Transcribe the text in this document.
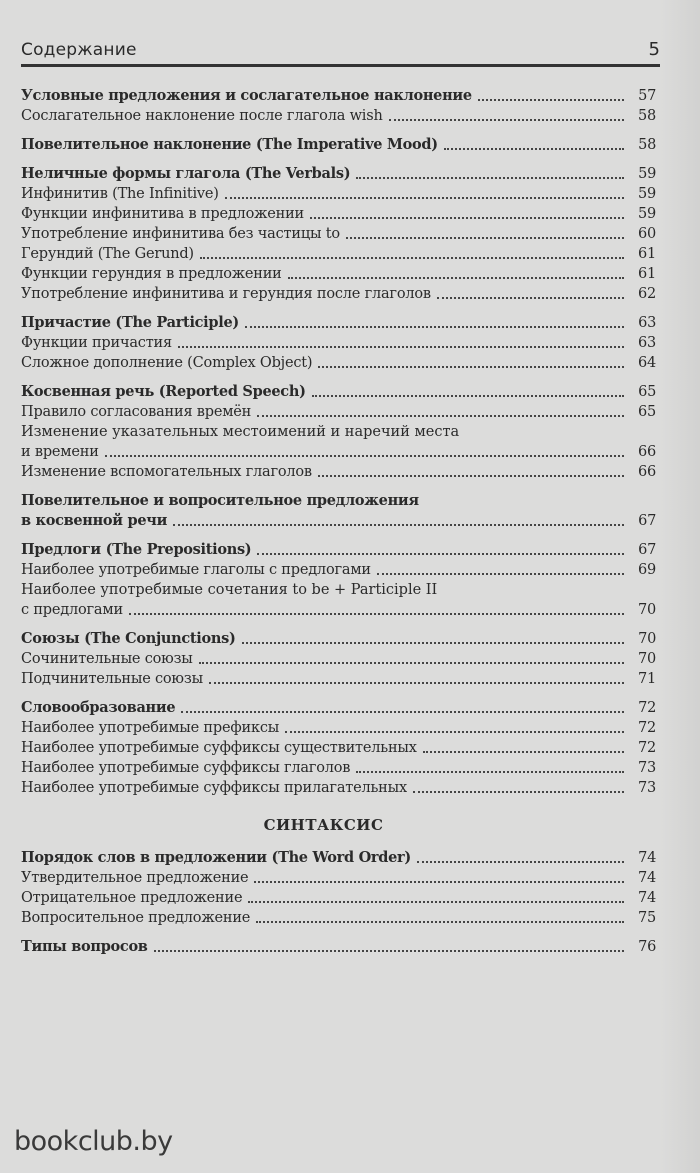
Содержание	5
Условные предложения и сослагательное наклонение	57
Сослагательное наклонение после глагола wish	58
Повелительное наклонение (The Imperative Mood)	58
Неличные формы глагола (The Verbals)	59
Инфинитив (The Infinitive)	59
Функции инфинитива в предложении	59
Употребление инфинитива без частицы to	60
Герундий (The Gerund)	61
Функции герундия в предложении	61
Употребление инфинитива и герундия после глаголов	62
Причастие (The Participle)	63
Функции причастия	63
Сложное дополнение (Complex Object)	64
Косвенная речь (Reported Speech)	65
Правило согласования времён	65
Изменение указательных местоимений и наречий места
и времени	66
Изменение вспомогательных глаголов	66
Повелительное и вопросительное предложения
в косвенной речи	67
Предлоги (The Prepositions)	67
Наиболее употребимые глаголы с предлогами	69
Наиболее употребимые сочетания to be + Participle II
с предлогами	70
Союзы (The Conjunctions)	70
Сочинительные союзы	70
Подчинительные союзы	71
Словообразование	72
Наиболее употребимые префиксы	72
Наиболее употребимые суффиксы существительных	72
Наиболее употребимые суффиксы глаголов	73
Наиболее употребимые суффиксы прилагательных	73
СИНТАКСИС
Порядок слов в предложении (The Word Order)	74
Утвердительное предложение	74
Отрицательное предложение	74
Вопросительное предложение	75
Типы вопросов	76
bookclub.by
